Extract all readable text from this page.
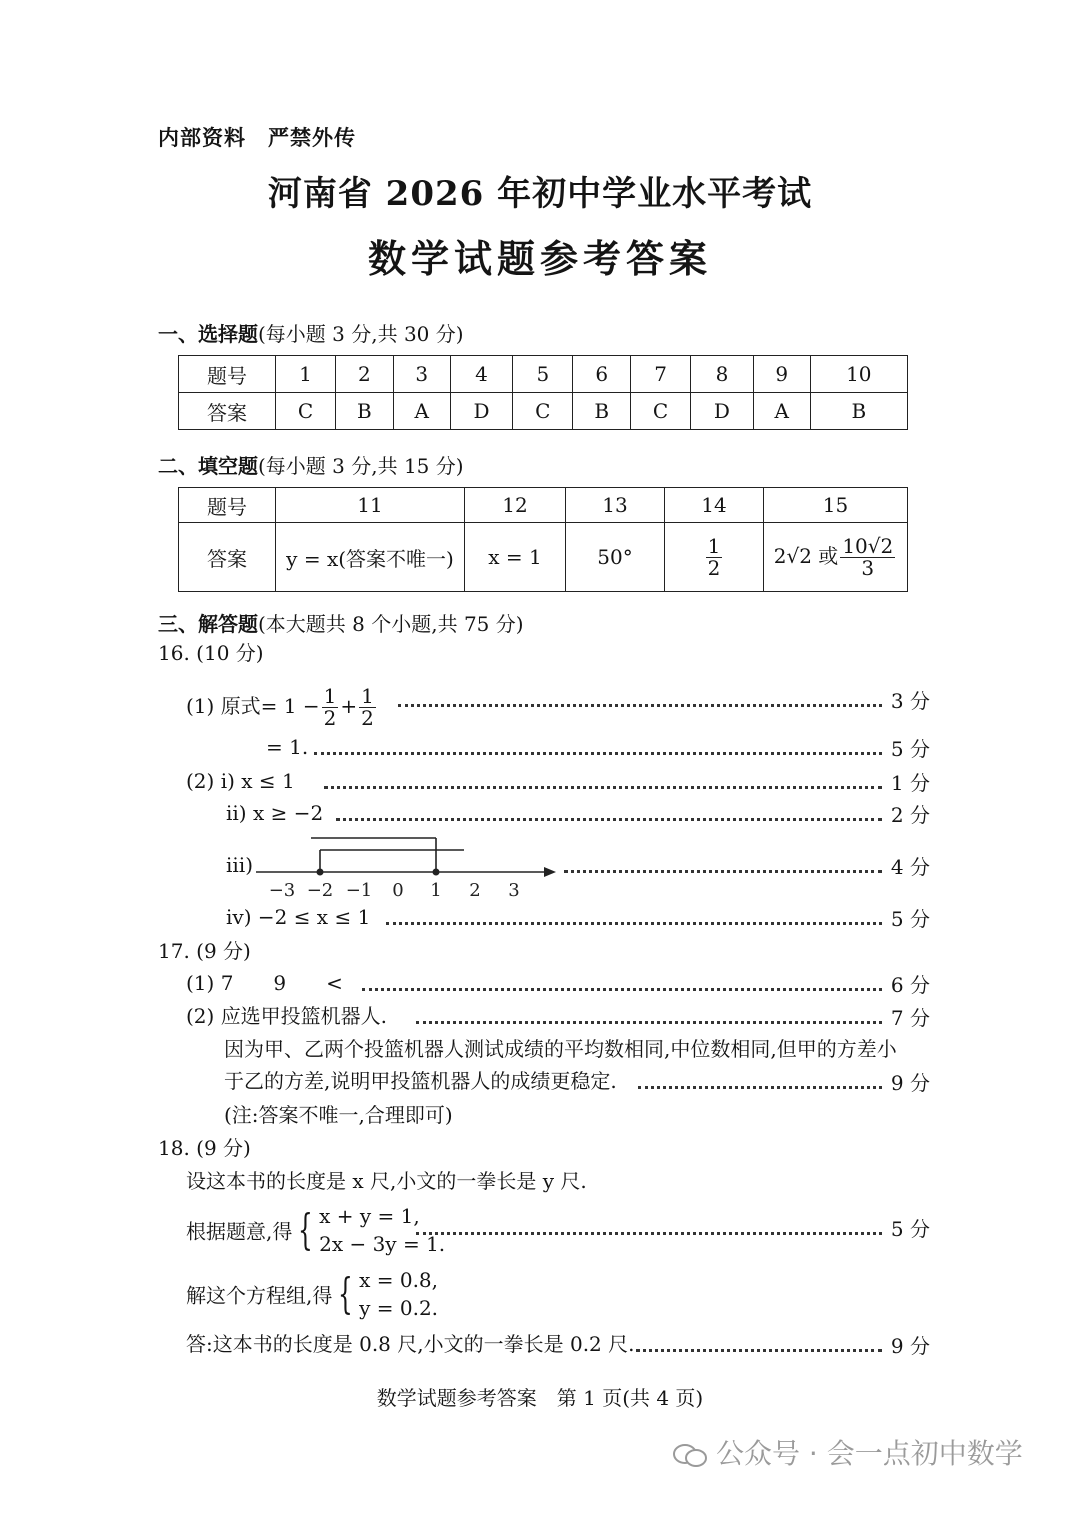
内部资料　严禁外传
河南省 2026 年初中学业水平考试
数学试题参考答案
一、选择题(每小题 3 分,共 30 分)
题号	1	2	3	4	5	6	7	8	9	10
答案	C	B	A	D	C	B	C	D	A	B
二、填空题(每小题 3 分,共 15 分)
题号	11	12	13	14	15
答案	y = x(答案不唯一)	x = 1	50°	$\frac{1}{2}$	2√2 或 $\frac{10√2}{3}$
三、解答题(本大题共 8 个小题,共 75 分)
16. (10 分)
(1) 原式= $1 - \frac{1}{2} + \frac{1}{2}$	3 分
= 1.	5 分
(2) ⅰ) x ≤ 1	1 分
ⅱ) x ≥ −2	2 分
ⅲ)
−3 −2 −1 0 1 2 3
4 分
ⅳ) −2 ≤ x ≤ 1	5 分
17. (9 分)
(1) 7　　9　　<	6 分
(2) 应选甲投篮机器人.	7 分
因为甲、乙两个投篮机器人测试成绩的平均数相同,中位数相同,但甲的方差小
于乙的方差,说明甲投篮机器人的成绩更稳定.	9 分
(注:答案不唯一,合理即可)
18. (9 分)
设这本书的长度是 x 尺,小文的一拳长是 y 尺.
根据题意,得 { x + y = 1,
2x − 3y = 1.
5 分
解这个方程组,得 { x = 0.8,
y = 0.2.
答:这本书的长度是 0.8 尺,小文的一拳长是 0.2 尺.	9 分
数学试题参考答案　第 1 页(共 4 页)
公众号 · 会一点初中数学
